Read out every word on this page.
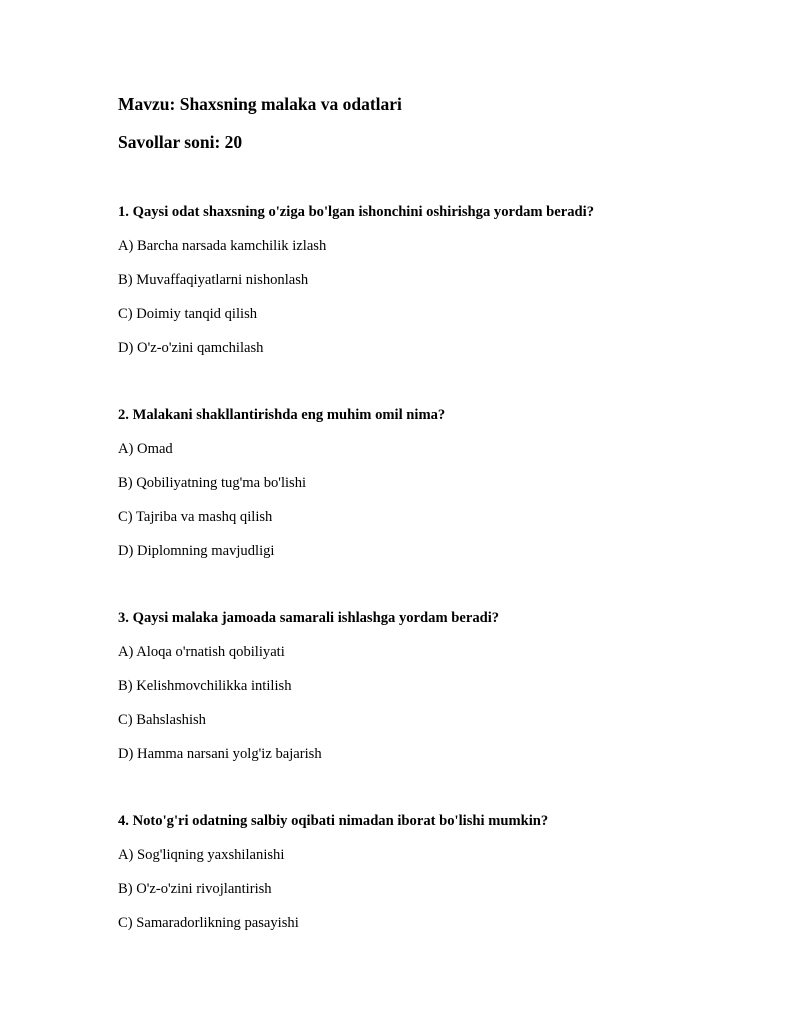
Mavzu: Shaxsning malaka va odatlari
Savollar soni: 20
1. Qaysi odat shaxsning o'ziga bo'lgan ishonchini oshirishga yordam beradi?
A) Barcha narsada kamchilik izlash
B) Muvaffaqiyatlarni nishonlash
C) Doimiy tanqid qilish
D) O'z-o'zini qamchilash
2. Malakani shakllantirishda eng muhim omil nima?
A) Omad
B) Qobiliyatning tug'ma bo'lishi
C) Tajriba va mashq qilish
D) Diplomning mavjudligi
3. Qaysi malaka jamoada samarali ishlashga yordam beradi?
A) Aloqa o'rnatish qobiliyati
B) Kelishmovchilikka intilish
C) Bahslashish
D) Hamma narsani yolg'iz bajarish
4. Noto'g'ri odatning salbiy oqibati nimadan iborat bo'lishi mumkin?
A) Sog'liqning yaxshilanishi
B) O'z-o'zini rivojlantirish
C) Samaradorlikning pasayishi
